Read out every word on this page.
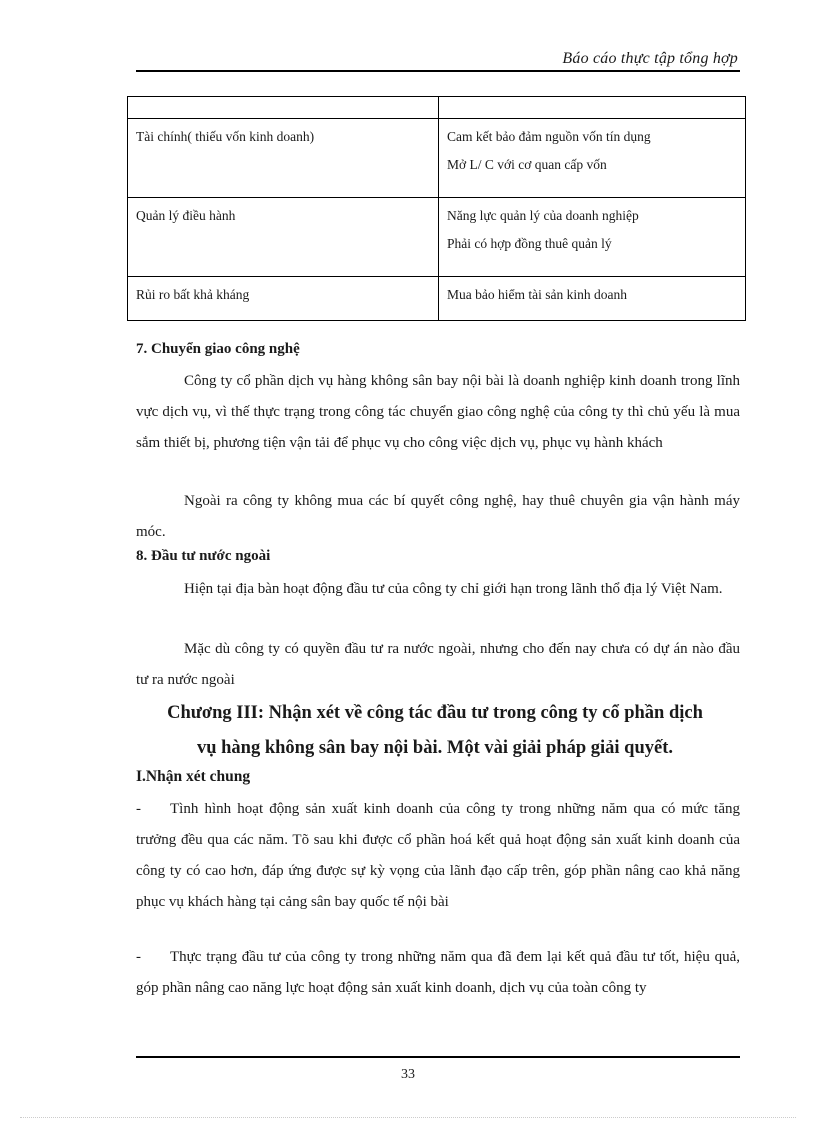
Báo cáo thực tập tổng hợp

Tài chính( thiếu vốn kinh doanh)	Cam kết bảo đảm nguồn vốn tín dụng
Mở L/ C với cơ quan cấp vốn

Quản lý điều hành	Năng lực quản lý của doanh nghiệp
Phải có hợp đồng thuê quản lý

Rủi ro bất khả kháng	Mua bảo hiểm tài sản kinh doanh
7. Chuyển giao công nghệ
Công ty cổ phần dịch vụ hàng không sân bay nội bài là doanh nghiệp kinh doanh trong lĩnh vực dịch vụ, vì thế thực trạng trong công tác chuyển giao công nghệ của công ty thì chủ yếu là mua sắm thiết bị, phương tiện vận tải để phục vụ cho công việc dịch vụ, phục vụ hành khách
Ngoài ra công ty không mua các bí quyết công nghệ, hay thuê chuyên gia vận hành máy móc.
8. Đầu tư nước ngoài
Hiện tại địa bàn hoạt động đầu tư của công ty chỉ giới hạn trong lãnh thổ địa lý Việt Nam.
Mặc dù công ty có quyền đầu tư ra nước ngoài, nhưng cho đến nay chưa có dự án nào đầu tư ra nước ngoài
Chương III: Nhận xét về công tác đầu tư trong công ty cổ phần dịch
vụ hàng không sân bay nội bài. Một vài giải pháp giải quyết.
I.Nhận xét chung
- Tình hình hoạt động sản xuất kinh doanh của công ty trong những năm qua có mức tăng trưởng đều qua các năm. Tõ sau khi được cổ phần hoá kết quả hoạt động sản xuất kinh doanh của công ty có cao hơn, đáp ứng được sự kỳ vọng của lãnh đạo cấp trên, góp phần nâng cao khả năng phục vụ khách hàng tại cảng sân bay quốc tế nội bài
- Thực trạng đầu tư của công ty trong những năm qua đã đem lại kết quả đầu tư tốt, hiệu quả, góp phần nâng cao năng lực hoạt động sản xuất kinh doanh, dịch vụ của toàn công ty
33
